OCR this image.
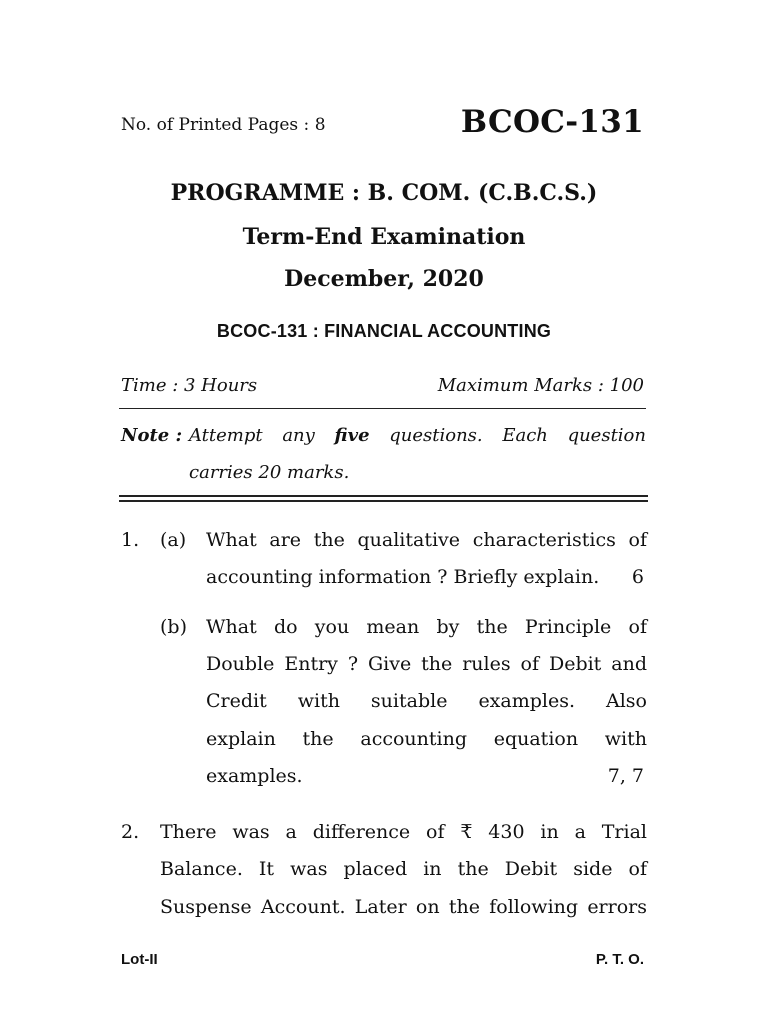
No. of Printed Pages : 8	BCOC-131
PROGRAMME : B. COM. (C.B.C.S.)
Term-End Examination
December, 2020
BCOC-131 : FINANCIAL ACCOUNTING
Time : 3 Hours	Maximum Marks : 100
Note : Attempt any five questions. Each question
carries 20 marks.
1. (a) What are the qualitative characteristics of
accounting information ? Briefly explain. 6
(b) What do you mean by the Principle of
Double Entry ? Give the rules of Debit and
Credit with suitable examples. Also
explain the accounting equation with
examples.	7, 7
2. There was a difference of ₹ 430 in a Trial
Balance. It was placed in the Debit side of
Suspense Account. Later on the following errors
Lot-II	P. T. O.
